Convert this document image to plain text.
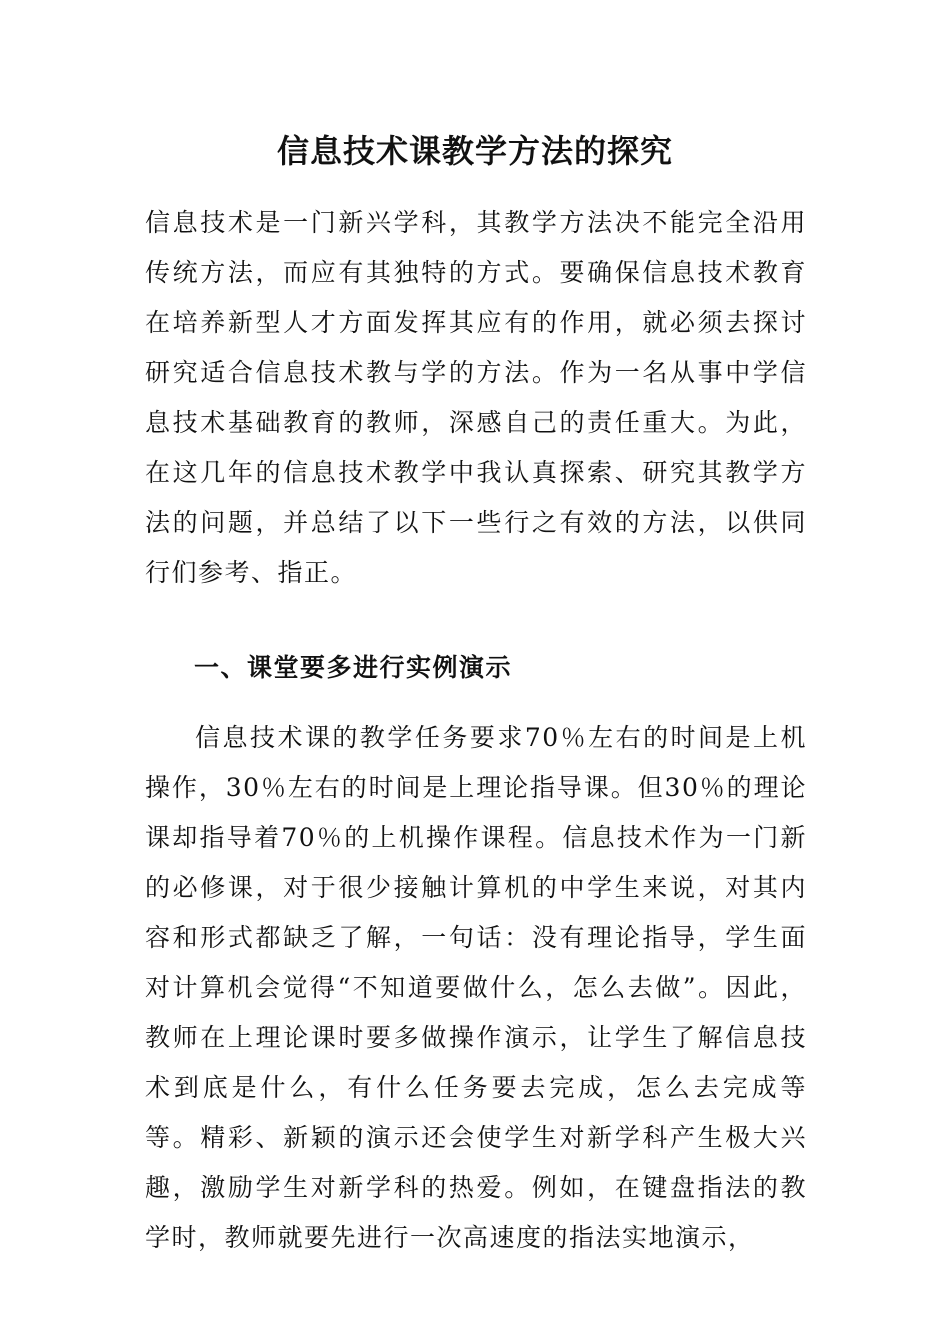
信息技术课教学方法的探究

信息技术是一门新兴学科，其教学方法决不能完全沿用传统方法，而应有其独特的方式。要确保信息技术教育在培养新型人才方面发挥其应有的作用，就必须去探讨研究适合信息技术教与学的方法。作为一名从事中学信息技术基础教育的教师，深感自己的责任重大。为此，在这几年的信息技术教学中我认真探索、研究其教学方法的问题，并总结了以下一些行之有效的方法，以供同行们参考、指正。

一、课堂要多进行实例演示

信息技术课的教学任务要求70％左右的时间是上机操作，30％左右的时间是上理论指导课。但30％的理论课却指导着70％的上机操作课程。信息技术作为一门新的必修课，对于很少接触计算机的中学生来说，对其内容和形式都缺乏了解，一句话：没有理论指导，学生面对计算机会觉得“不知道要做什么，怎么去做”。因此，教师在上理论课时要多做操作演示，让学生了解信息技术到底是什么，有什么任务要去完成，怎么去完成等等。精彩、新颖的演示还会使学生对新学科产生极大兴趣，激励学生对新学科的热爱。例如，在键盘指法的教学时，教师就要先进行一次高速度的指法实地演示，
